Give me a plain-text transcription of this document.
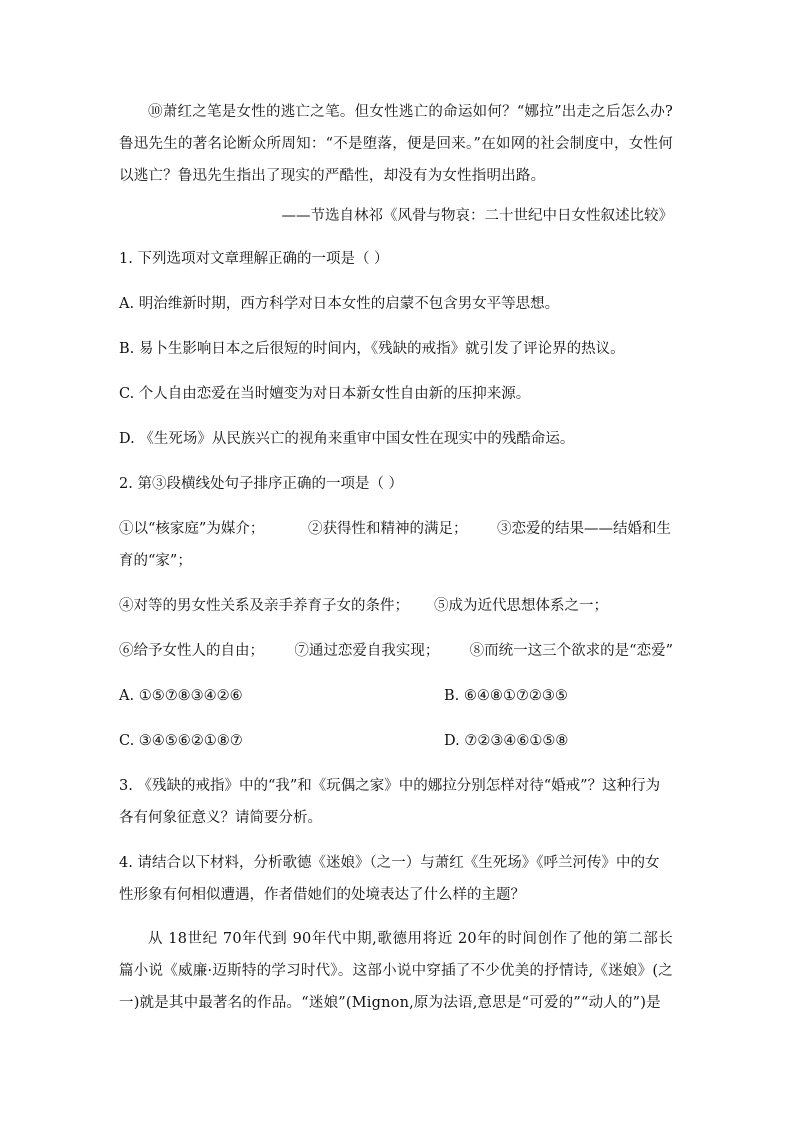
⑩萧红之笔是女性的逃亡之笔。但女性逃亡的命运如何？“娜拉”出走之后怎么办?鲁迅先生的著名论断众所周知：“不是堕落，便是回来。”在如网的社会制度中，女性何以逃亡？鲁迅先生指出了现实的严酷性，却没有为女性指明出路。

——节选自林祁《风骨与物哀：二十世纪中日女性叙述比较》

1. 下列选项对文章理解正确的一项是（ ）

A. 明治维新时期，西方科学对日本女性的启蒙不包含男女平等思想。

B. 易卜生影响日本之后很短的时间内，《残缺的戒指》就引发了评论界的热议。

C. 个人自由恋爱在当时嬗变为对日本新女性自由新的压抑来源。

D. 《生死场》从民族兴亡的视角来重审中国女性在现实中的残酷命运。

2. 第③段横线处句子排序正确的一项是（ ）

①以“核家庭”为媒介；	②获得性和精神的满足；	③恋爱的结果——结婚和生

育的“家”；

④对等的男女性关系及亲手养育子女的条件；	⑤成为近代思想体系之一；
⑥给予女性人的自由；	⑦通过恋爱自我实现；	⑧而统一这三个欲求的是“恋爱”
A. ①⑤⑦⑧③④②⑥	B. ⑥④⑧①⑦②③⑤
C. ③④⑤⑥②①⑧⑦	D. ⑦②③④⑥①⑤⑧

3. 《残缺的戒指》中的“我”和《玩偶之家》中的娜拉分别怎样对待“婚戒”？这种行为各有何象征意义？请简要分析。

4. 请结合以下材料，分析歌德《迷娘》（之一）与萧红《生死场》《呼兰河传》中的女性形象有何相似遭遇，作者借她们的处境表达了什么样的主题？

从 18世纪 70年代到 90年代中期,歌德用将近 20年的时间创作了他的第二部长篇小说《威廉·迈斯特的学习时代》。这部小说中穿插了不少优美的抒情诗,《迷娘》(之一)就是其中最著名的作品。“迷娘”(Mignon,原为法语,意思是“可爱的”“动人的”)是
